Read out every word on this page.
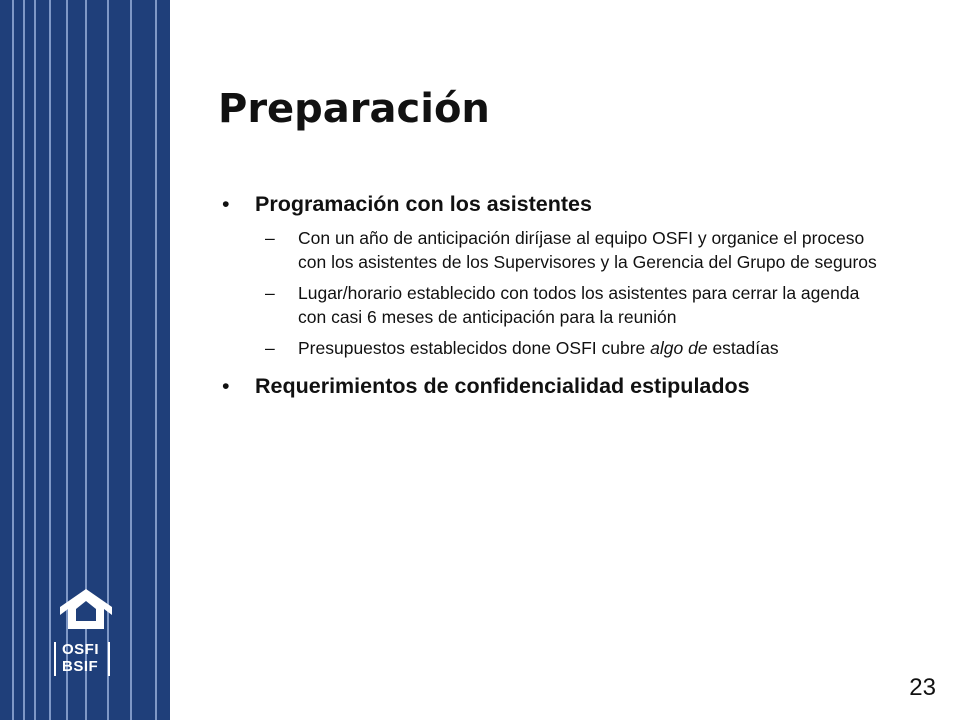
OSFI
BSIF
Preparación
• Programación con los asistentes
– Con un año de anticipación diríjase al equipo OSFI y organice el proceso con los asistentes de los Supervisores y la Gerencia del Grupo de seguros
– Lugar/horario establecido con todos los asistentes para cerrar la agenda con casi 6 meses de anticipación para la reunión
– Presupuestos establecidos done OSFI cubre algo de estadías
• Requerimientos de confidencialidad estipulados
23
